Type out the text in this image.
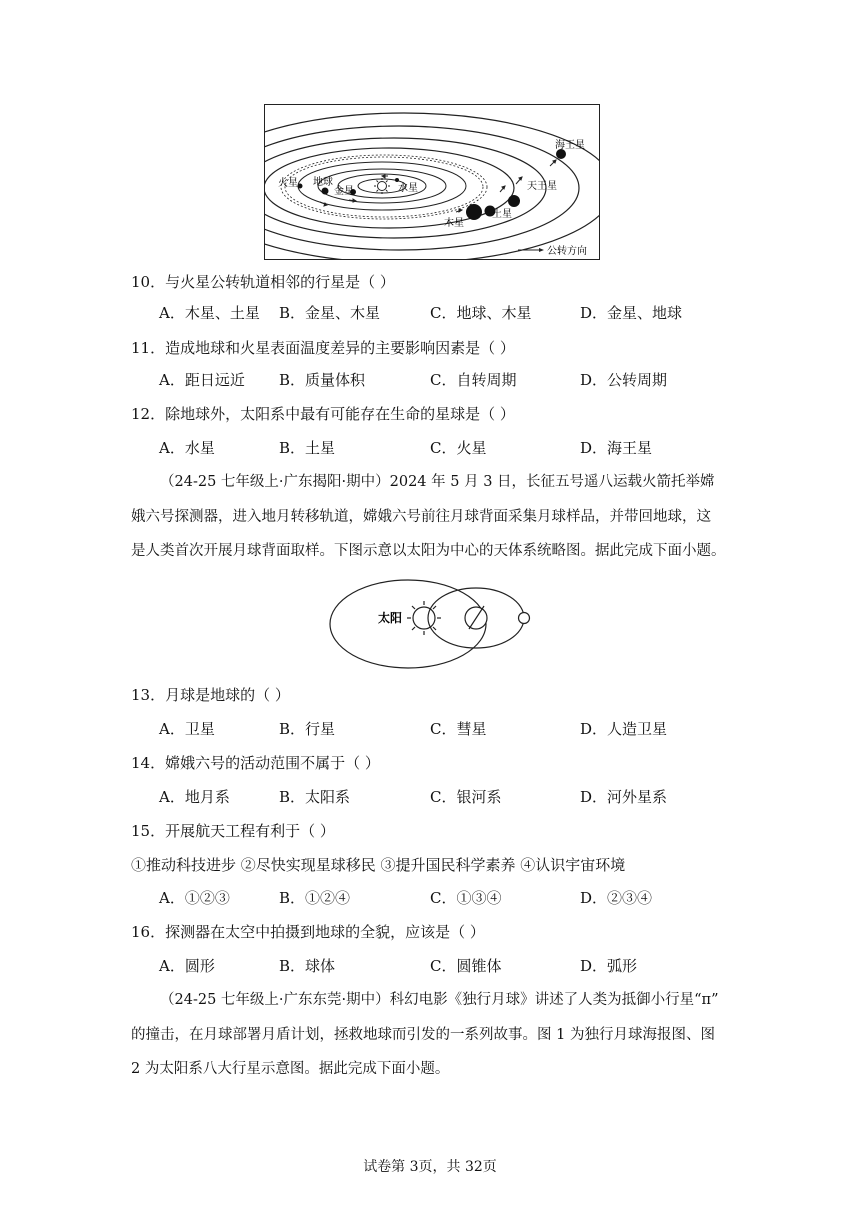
海王星
天王星
土星
木星
火星 地球
金星	水星
公转方向
10．与火星公转轨道相邻的行星是（ ）
A．木星、土星 B．金星、木星	C．地球、木星	D．金星、地球
11．造成地球和火星表面温度差异的主要影响因素是（ ）
A．距日远近 B．质量体积	C．自转周期	D．公转周期
12．除地球外，太阳系中最有可能存在生命的星球是（ ）
A．水星	B．土星	C．火星	D．海王星
（24-25 七年级上·广东揭阳·期中）2024 年 5 月 3 日，长征五号遥八运载火箭托举嫦
娥六号探测器，进入地月转移轨道，嫦娥六号前往月球背面采集月球样品，并带回地球，这
是人类首次开展月球背面取样。下图示意以太阳为中心的天体系统略图。据此完成下面小题。
太阳
13．月球是地球的（ ）
A．卫星	B．行星	C．彗星	D．人造卫星
14．嫦娥六号的活动范围不属于（ ）
A．地月系	B．太阳系	C．银河系	D．河外星系
15．开展航天工程有利于（ ）
①推动科技进步 ②尽快实现星球移民 ③提升国民科学素养 ④认识宇宙环境
A．①②③	B．①②④	C．①③④	D．②③④
16．探测器在太空中拍摄到地球的全貌，应该是（ ）
A．圆形	B．球体	C．圆锥体	D．弧形
（24-25 七年级上·广东东莞·期中）科幻电影《独行月球》讲述了人类为抵御小行星“π”
的撞击，在月球部署月盾计划，拯救地球而引发的一系列故事。图 1 为独行月球海报图、图
2 为太阳系八大行星示意图。据此完成下面小题。
试卷第 3页，共 32页
